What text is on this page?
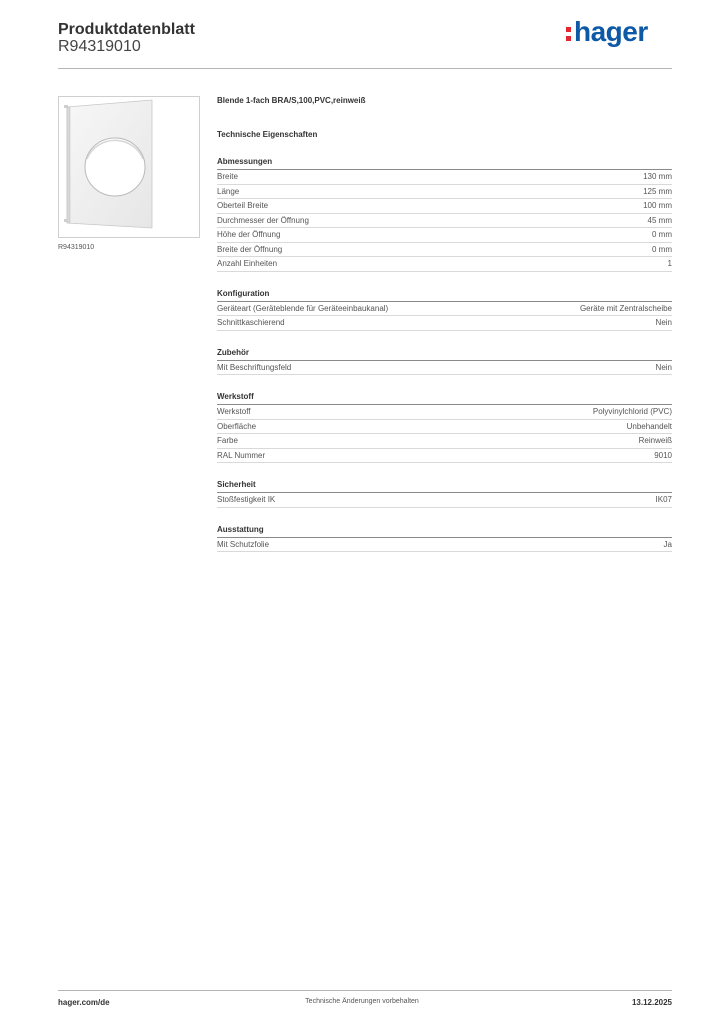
Produktdatenblatt
R94319010	hager
R94319010
Blende 1-fach BRA/S,100,PVC,reinweiß
Technische Eigenschaften
Abmessungen
Breite	130 mm
Länge	125 mm
Oberteil Breite	100 mm
Durchmesser der Öffnung	45 mm
Höhe der Öffnung	0 mm
Breite der Öffnung	0 mm
Anzahl Einheiten	1
Konfiguration
Geräteart (Geräteblende für Geräteeinbaukanal)	Geräte mit Zentralscheibe
Schnittkaschierend	Nein
Zubehör
Mit Beschriftungsfeld	Nein
Werkstoff
Werkstoff	Polyvinylchlorid (PVC)
Oberfläche	Unbehandelt
Farbe	Reinweiß
RAL Nummer	9010
Sicherheit
Stoßfestigkeit IK	IK07
Ausstattung
Mit Schutzfolie	Ja
hager.com/de	Technische Änderungen vorbehalten	13.12.2025
